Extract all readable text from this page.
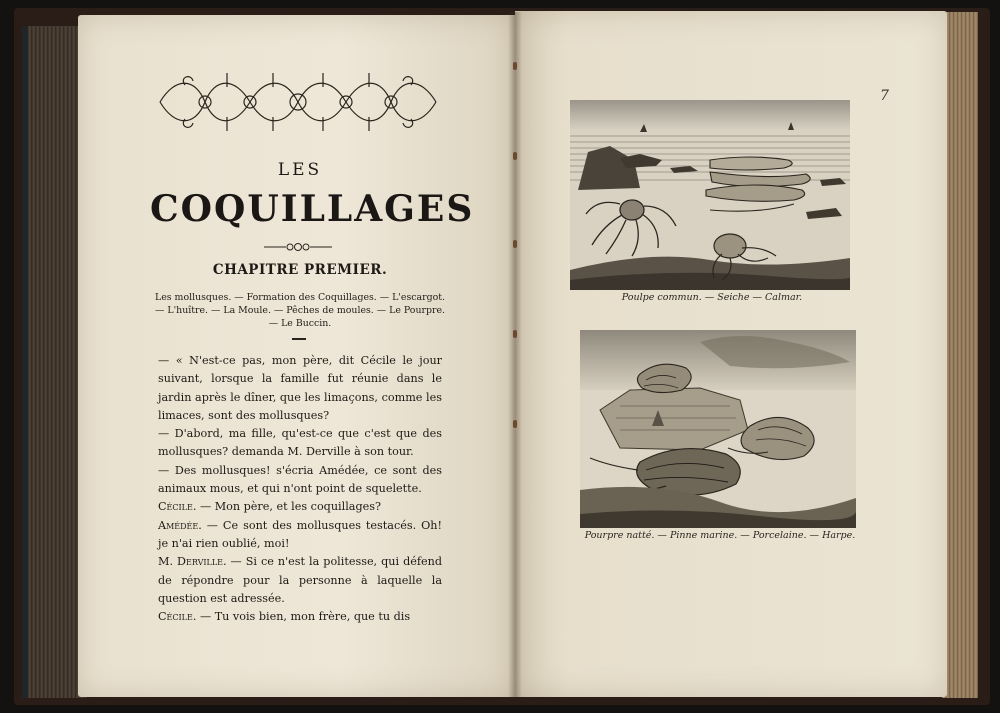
LES
COQUILLAGES
CHAPITRE PREMIER.
Les mollusques. — Formation des Coquillages. — L'escargot.
— L'huître. — La Moule. — Pêches de moules. — Le Pourpre.
— Le Buccin.

— « N'est-ce pas, mon père, dit Cécile le jour suivant, lorsque la famille fut réunie dans le jardin après le dîner, que les limaçons, comme les limaces, sont des mollusques?

— D'abord, ma fille, qu'est-ce que c'est que des mollusques? demanda M. Derville à son tour.

— Des mollusques! s'écria Amédée, ce sont des animaux mous, et qui n'ont point de squelette.

Cécile. — Mon père, et les coquillages?

Amédée. — Ce sont des mollusques testacés. Oh! je n'ai rien oublié, moi!

M. Derville. — Si ce n'est la politesse, qui défend de répondre pour la personne à laquelle la question est adressée.

Cécile. — Tu vois bien, mon frère, que tu dis

7
Poulpe commun. — Seiche — Calmar.
Pourpre natté. — Pinne marine. — Porcelaine. — Harpe.
